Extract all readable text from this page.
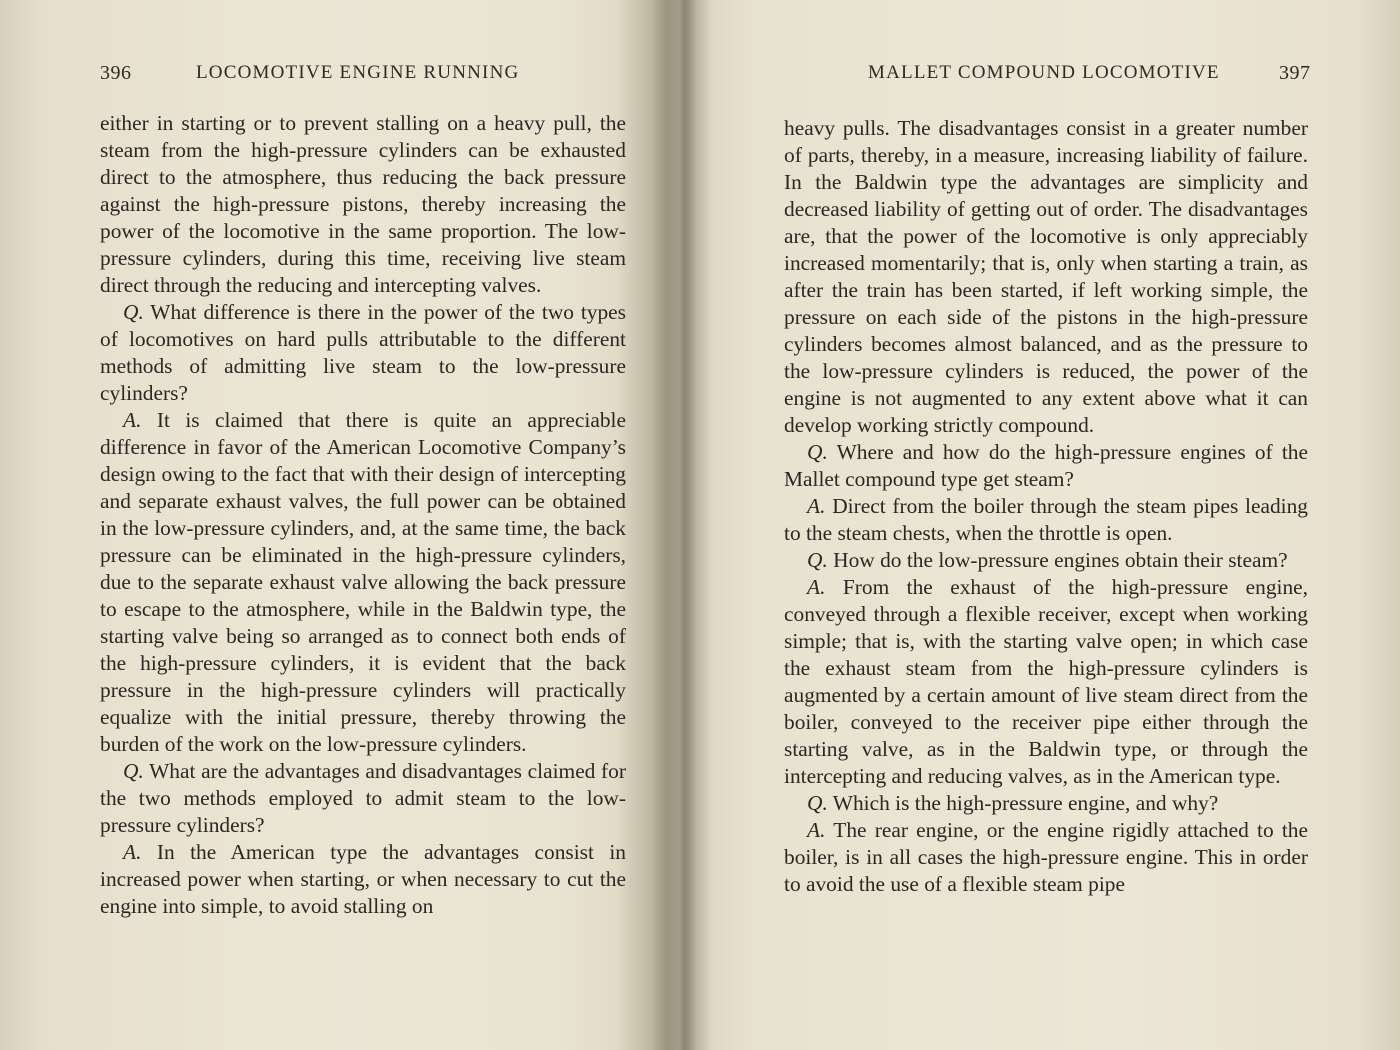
396	LOCOMOTIVE ENGINE RUNNING

either in starting or to prevent stalling on a heavy pull, the steam from the high-pressure cylinders can be exhausted direct to the atmosphere, thus reducing the back pressure against the high-pressure pistons, thereby increasing the power of the locomotive in the same proportion. The low-pressure cylinders, during this time, receiving live steam direct through the reducing and intercepting valves.

Q. What difference is there in the power of the two types of locomotives on hard pulls attributable to the different methods of admitting live steam to the low-pressure cylinders?

A. It is claimed that there is quite an appreciable difference in favor of the American Locomotive Company’s design owing to the fact that with their design of intercepting and separate exhaust valves, the full power can be obtained in the low-pressure cylinders, and, at the same time, the back pressure can be eliminated in the high-pressure cylinders, due to the separate exhaust valve allowing the back pressure to escape to the atmosphere, while in the Baldwin type, the starting valve being so arranged as to connect both ends of the high-pressure cylinders, it is evident that the back pressure in the high-pressure cylinders will practically equalize with the initial pressure, thereby throwing the burden of the work on the low-pressure cylinders.

Q. What are the advantages and disadvantages claimed for the two methods employed to admit steam to the low-pressure cylinders?

A. In the American type the advantages consist in increased power when starting, or when necessary to cut the engine into simple, to avoid stalling on

MALLET COMPOUND LOCOMOTIVE	397

heavy pulls. The disadvantages consist in a greater number of parts, thereby, in a measure, increasing liability of failure. In the Baldwin type the advantages are simplicity and decreased liability of getting out of order. The disadvantages are, that the power of the locomotive is only appreciably increased momentarily; that is, only when starting a train, as after the train has been started, if left working simple, the pressure on each side of the pistons in the high-pressure cylinders becomes almost balanced, and as the pressure to the low-pressure cylinders is reduced, the power of the engine is not augmented to any extent above what it can develop working strictly compound.

Q. Where and how do the high-pressure engines of the Mallet compound type get steam?

A. Direct from the boiler through the steam pipes leading to the steam chests, when the throttle is open.

Q. How do the low-pressure engines obtain their steam?

A. From the exhaust of the high-pressure engine, conveyed through a flexible receiver, except when working simple; that is, with the starting valve open; in which case the exhaust steam from the high-pressure cylinders is augmented by a certain amount of live steam direct from the boiler, conveyed to the receiver pipe either through the starting valve, as in the Baldwin type, or through the intercepting and reducing valves, as in the American type.

Q. Which is the high-pressure engine, and why?

A. The rear engine, or the engine rigidly attached to the boiler, is in all cases the high-pressure engine. This in order to avoid the use of a flexible steam pipe
